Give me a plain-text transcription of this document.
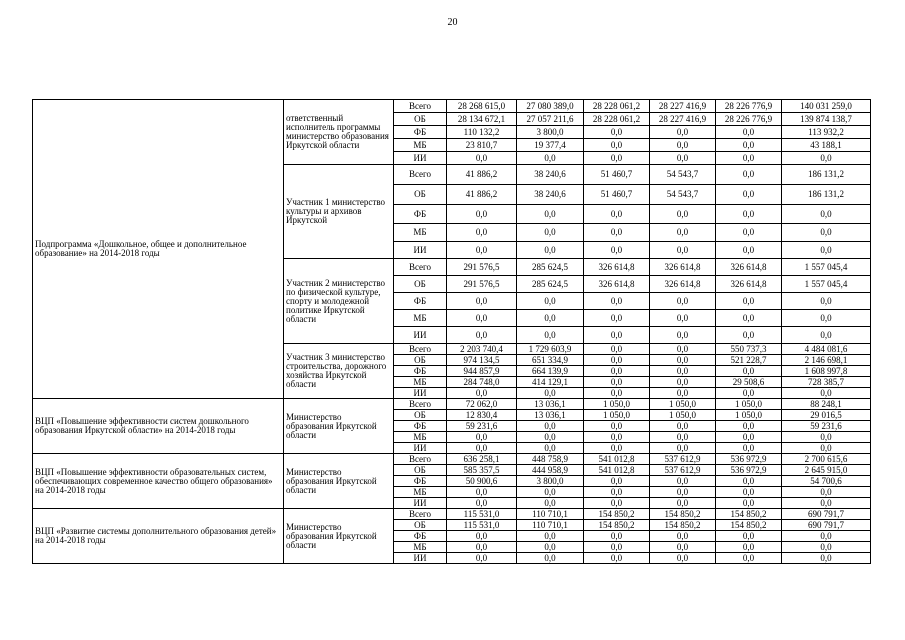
20
Подпрограмма «Дошкольное, общее и дополнительное образование» на 2014-2018 годы	ответственный исполнитель программы министерство образования Иркутской области	Всего	28 268 615,0	27 080 389,0	28 228 061,2	28 227 416,9	28 226 776,9	140 031 259,0
		ОБ	28 134 672,1	27 057 211,6	28 228 061,2	28 227 416,9	28 226 776,9	139 874 138,7
		ФБ	110 132,2	3 800,0	0,0	0,0	0,0	113 932,2
		МБ	23 810,7	19 377,4	0,0	0,0	0,0	43 188,1
		ИИ	0,0	0,0	0,0	0,0	0,0	0,0
	Участник 1 министерство культуры и архивов Иркутской	Всего	41 886,2	38 240,6	51 460,7	54 543,7	0,0	186 131,2
		ОБ	41 886,2	38 240,6	51 460,7	54 543,7	0,0	186 131,2
		ФБ	0,0	0,0	0,0	0,0	0,0	0,0
		МБ	0,0	0,0	0,0	0,0	0,0	0,0
		ИИ	0,0	0,0	0,0	0,0	0,0	0,0
	Участник 2 министерство по физической культуре, спорту и молодежной политике Иркутской области	Всего	291 576,5	285 624,5	326 614,8	326 614,8	326 614,8	1 557 045,4
		ОБ	291 576,5	285 624,5	326 614,8	326 614,8	326 614,8	1 557 045,4
		ФБ	0,0	0,0	0,0	0,0	0,0	0,0
		МБ	0,0	0,0	0,0	0,0	0,0	0,0
		ИИ	0,0	0,0	0,0	0,0	0,0	0,0
	Участник 3 министерство строительства, дорожного хозяйства Иркутской области	Всего	2 203 740,4	1 729 603,9	0,0	0,0	550 737,3	4 484 081,6
		ОБ	974 134,5	651 334,9	0,0	0,0	521 228,7	2 146 698,1
		ФБ	944 857,9	664 139,9	0,0	0,0	0,0	1 608 997,8
		МБ	284 748,0	414 129,1	0,0	0,0	29 508,6	728 385,7
		ИИ	0,0	0,0	0,0	0,0	0,0	0,0
ВЦП «Повышение эффективности систем дошкольного образования Иркутской области» на 2014-2018 годы	Министерство образования Иркутской области	Всего	72 062,0	13 036,1	1 050,0	1 050,0	1 050,0	88 248,1
		ОБ	12 830,4	13 036,1	1 050,0	1 050,0	1 050,0	29 016,5
		ФБ	59 231,6	0,0	0,0	0,0	0,0	59 231,6
		МБ	0,0	0,0	0,0	0,0	0,0	0,0
		ИИ	0,0	0,0	0,0	0,0	0,0	0,0
ВЦП «Повышение эффективности образовательных систем, обеспечивающих современное качество общего образования» на 2014-2018 годы	Министерство образования Иркутской области	Всего	636 258,1	448 758,9	541 012,8	537 612,9	536 972,9	2 700 615,6
		ОБ	585 357,5	444 958,9	541 012,8	537 612,9	536 972,9	2 645 915,0
		ФБ	50 900,6	3 800,0	0,0	0,0	0,0	54 700,6
		МБ	0,0	0,0	0,0	0,0	0,0	0,0
		ИИ	0,0	0,0	0,0	0,0	0,0	0,0
ВЦП «Развитие системы дополнительного образования детей» на 2014-2018 годы	Министерство образования Иркутской области	Всего	115 531,0	110 710,1	154 850,2	154 850,2	154 850,2	690 791,7
		ОБ	115 531,0	110 710,1	154 850,2	154 850,2	154 850,2	690 791,7
		ФБ	0,0	0,0	0,0	0,0	0,0	0,0
		МБ	0,0	0,0	0,0	0,0	0,0	0,0
		ИИ	0,0	0,0	0,0	0,0	0,0	0,0
